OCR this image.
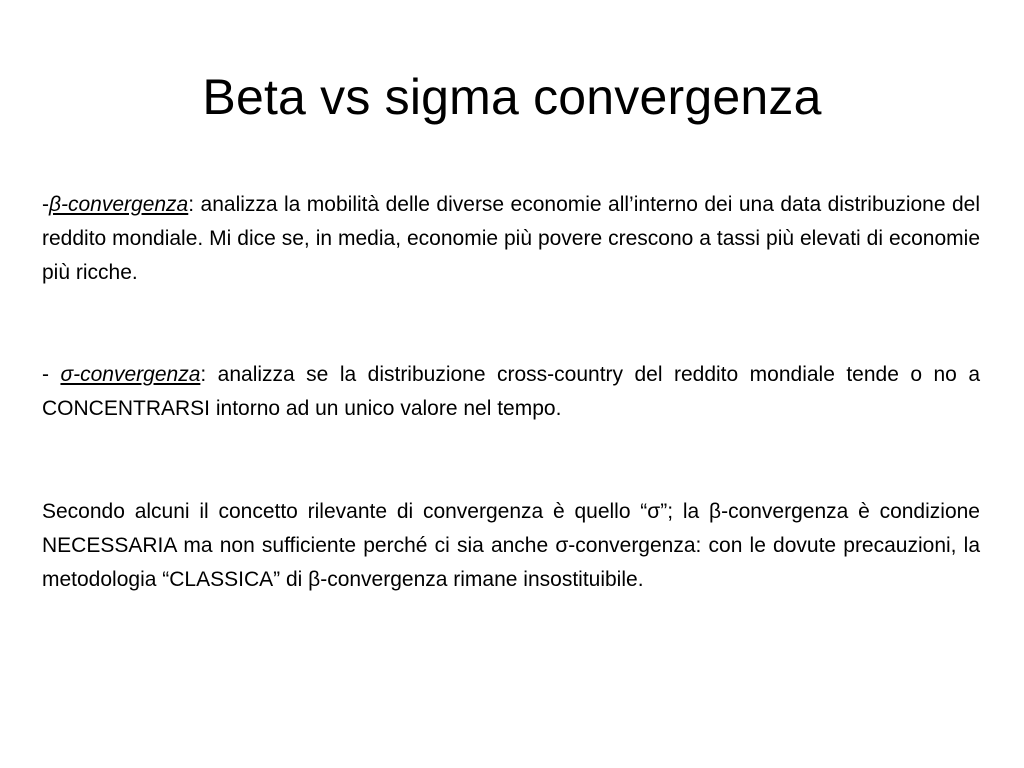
Beta vs sigma convergenza

-β-convergenza: analizza la mobilità delle diverse economie all’interno dei una data distribuzione del reddito mondiale. Mi dice se, in media, economie più povere crescono a tassi più elevati di economie più ricche.

- σ-convergenza: analizza se la distribuzione cross-country del reddito mondiale tende o no a CONCENTRARSI intorno ad un unico valore nel tempo.

Secondo alcuni il concetto rilevante di convergenza è quello “σ”; la β-convergenza è condizione NECESSARIA ma non sufficiente perché ci sia anche σ-convergenza: con le dovute precauzioni, la metodologia “CLASSICA” di β-convergenza rimane insostituibile.
